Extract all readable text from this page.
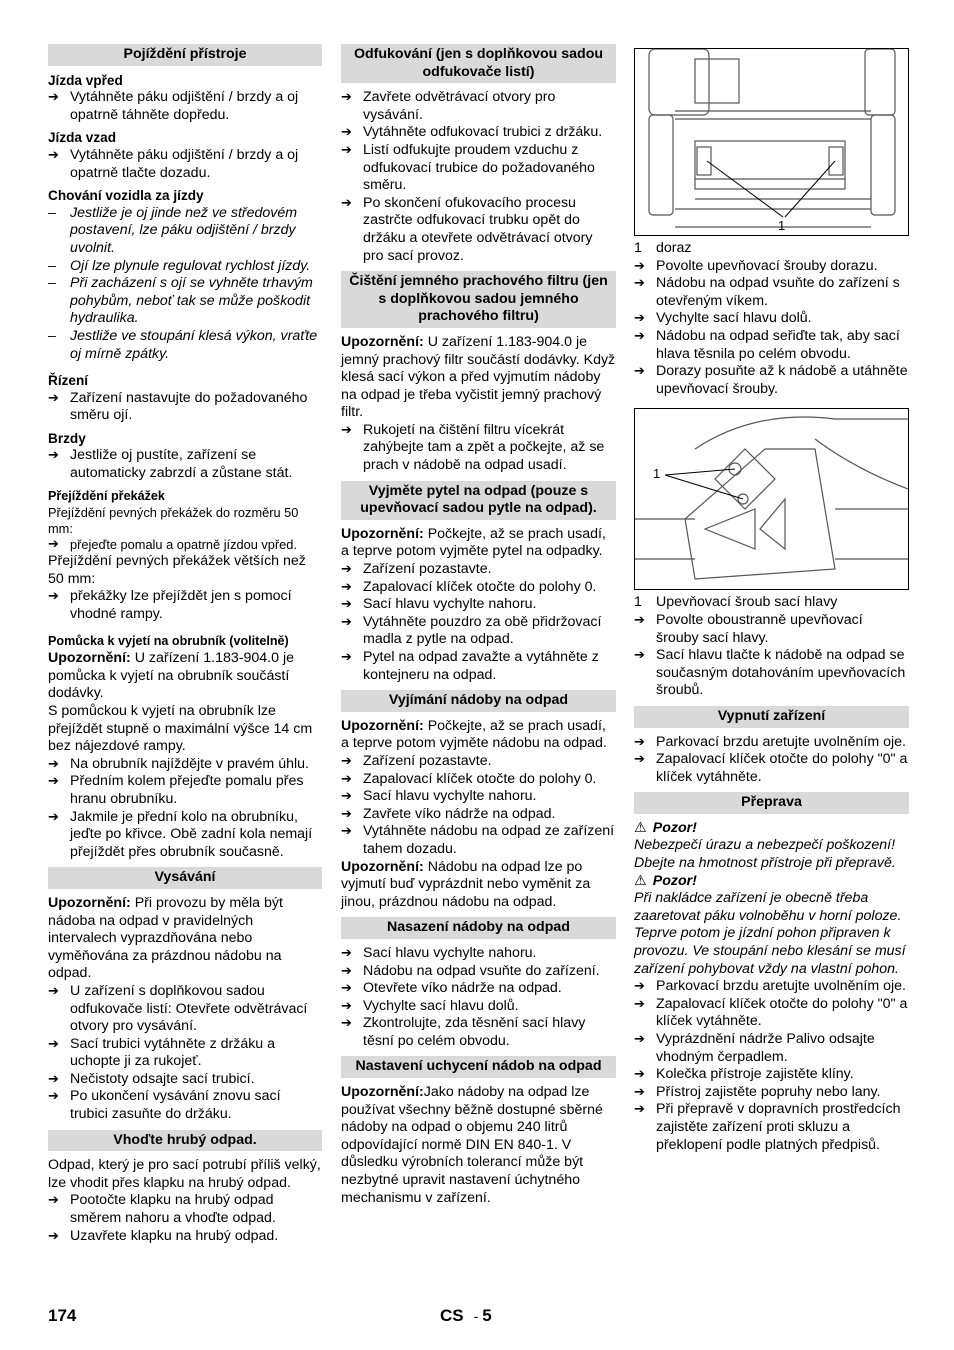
Pojíždění přístroje
Jízda vpřed

➔ Vytáhněte páku odjištění / brzdy a oj opatrně táhněte dopředu.

Jízda vzad

➔ Vytáhněte páku odjištění / brzdy a oj opatrně tlačte dozadu.

Chování vozidla za jízdy

– Jestliže je oj jinde než ve středovém postavení, lze páku odjištění / brzdy uvolnit.

– Ojí lze plynule regulovat rychlost jízdy.

– Při zacházení s ojí se vyhněte trhavým pohybům, neboť tak se může poškodit hydraulika.

– Jestliže ve stoupání klesá výkon, vraťte oj mírně zpátky.

Řízení

➔ Zařízení nastavujte do požadovaného směru ojí.

Brzdy

➔ Jestliže oj pustíte, zařízení se automaticky zabrzdí a zůstane stát.

Přejíždění překážek

Přejíždění pevných překážek do rozměru 50 mm:

➔ přejeďte pomalu a opatrně jízdou vpřed.

Přejíždění pevných překážek větších než 50 mm:

➔ překážky lze přejíždět jen s pomocí vhodné rampy.

Pomůcka k vyjetí na obrubník (volitelně)

Upozornění: U zařízení 1.183-904.0 je pomůcka k vyjetí na obrubník součástí dodávky.

S pomůckou k vyjetí na obrubník lze přejíždět stupně o maximální výšce 14 cm bez nájezdové rampy.

➔ Na obrubník najíždějte v pravém úhlu.

➔ Předním kolem přejeďte pomalu přes hranu obrubníku.

➔ Jakmile je přední kolo na obrubníku, jeďte po křivce. Obě zadní kola nemají přejíždět přes obrubník současně.

Vysávání

Upozornění: Při provozu by měla být nádoba na odpad v pravidelných intervalech vyprazdňována nebo vyměňována za prázdnou nádobu na odpad.

➔ U zařízení s doplňkovou sadou odfukovače listí: Otevřete odvětrávací otvory pro vysávání.

➔ Sací trubici vytáhněte z držáku a uchopte ji za rukojeť.

➔ Nečistoty odsajte sací trubicí.

➔ Po ukončení vysávání znovu sací trubici zasuňte do držáku.

Vhoďte hrubý odpad.

Odpad, který je pro sací potrubí příliš velký, lze vhodit přes klapku na hrubý odpad.

➔ Pootočte klapku na hrubý odpad směrem nahoru a vhoďte odpad.

➔ Uzavřete klapku na hrubý odpad.

Odfukování (jen s doplňkovou sadou odfukovače listí)

➔ Zavřete odvětrávací otvory pro vysávání.

➔ Vytáhněte odfukovací trubici z držáku.

➔ Listí odfukujte proudem vzduchu z odfukovací trubice do požadovaného směru.

➔ Po skončení ofukovacího procesu zastrčte odfukovací trubku opět do držáku a otevřete odvětrávací otvory pro sací provoz.

Čištění jemného prachového filtru (jen s doplňkovou sadou jemného prachového filtru)

Upozornění: U zařízení 1.183-904.0 je jemný prachový filtr součástí dodávky. Když klesá sací výkon a před vyjmutím nádoby na odpad je třeba vyčistit jemný prachový filtr.

➔ Rukojetí na čištění filtru vícekrát zahýbejte tam a zpět a počkejte, až se prach v nádobě na odpad usadí.

Vyjměte pytel na odpad (pouze s upevňovací sadou pytle na odpad).

Upozornění: Počkejte, až se prach usadí, a teprve potom vyjměte pytel na odpadky.

➔ Zařízení pozastavte.

➔ Zapalovací klíček otočte do polohy 0.

➔ Sací hlavu vychylte nahoru.

➔ Vytáhněte pouzdro za obě přidržovací madla z pytle na odpad.

➔ Pytel na odpad zavažte a vytáhněte z kontejneru na odpad.

Vyjímání nádoby na odpad

Upozornění: Počkejte, až se prach usadí, a teprve potom vyjměte nádobu na odpad.

➔ Zařízení pozastavte.

➔ Zapalovací klíček otočte do polohy 0.

➔ Sací hlavu vychylte nahoru.

➔ Zavřete víko nádrže na odpad.

➔ Vytáhněte nádobu na odpad ze zařízení tahem dozadu.

Upozornění: Nádobu na odpad lze po vyjmutí buď vyprázdnit nebo vyměnit za jinou, prázdnou nádobu na odpad.

Nasazení nádoby na odpad

➔ Sací hlavu vychylte nahoru.

➔ Nádobu na odpad vsuňte do zařízení.

➔ Otevřete víko nádrže na odpad.

➔ Vychylte sací hlavu dolů.

➔ Zkontrolujte, zda těsnění sací hlavy těsní po celém obvodu.

Nastavení uchycení nádob na odpad

Upozornění:Jako nádoby na odpad lze používat všechny běžně dostupné sběrné nádoby na odpad o objemu 240 litrů odpovídající normě DIN EN 840-1. V důsledku výrobních tolerancí může být nezbytné upravit nastavení úchytného mechanismu v zařízení.

1

1 doraz

➔ Povolte upevňovací šrouby dorazu.

➔ Nádobu na odpad vsuňte do zařízení s otevřeným víkem.

➔ Vychylte sací hlavu dolů.

➔ Nádobu na odpad seřiďte tak, aby sací hlava těsnila po celém obvodu.

➔ Dorazy posuňte až k nádobě a utáhněte upevňovací šrouby.

1

1 Upevňovací šroub sací hlavy

➔ Povolte oboustranně upevňovací šrouby sací hlavy.

➔ Sací hlavu tlačte k nádobě na odpad se současným dotahováním upevňovacích šroubů.

Vypnutí zařízení

➔ Parkovací brzdu aretujte uvolněním oje.

➔ Zapalovací klíček otočte do polohy "0" a klíček vytáhněte.

Přeprava

⚠ Pozor!

Nebezpečí úrazu a nebezpečí poškození! Dbejte na hmotnost přístroje při přepravě.

⚠ Pozor!

Při nakládce zařízení je obecně třeba zaaretovat páku volnoběhu v horní poloze. Teprve potom je jízdní pohon připraven k provozu. Ve stoupání nebo klesání se musí zařízení pohybovat vždy na vlastní pohon.

➔ Parkovací brzdu aretujte uvolněním oje.

➔ Zapalovací klíček otočte do polohy "0" a klíček vytáhněte.

➔ Vyprázdnění nádrže Palivo odsajte vhodným čerpadlem.

➔ Kolečka přístroje zajistěte klíny.

➔ Přístroj zajistěte popruhy nebo lany.

➔ Při přepravě v dopravních prostředcích zajistěte zařízení proti skluzu a překlopení podle platných předpisů.

174	CS - 5
